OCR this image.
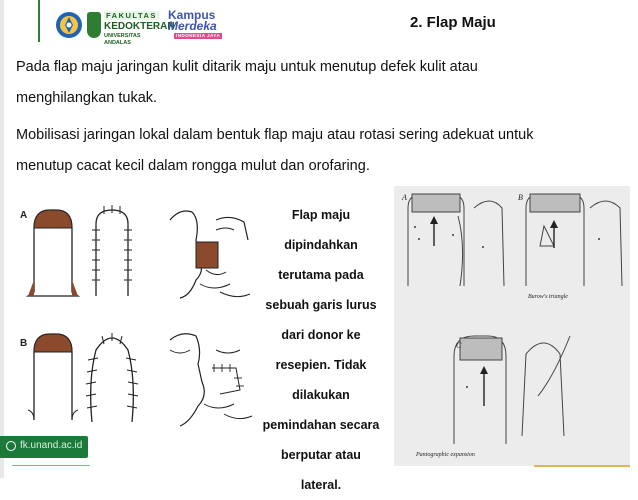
FAKULTAS
KEDOKTERAN
UNIVERSITAS ANDALAS
Kampus
Merdeka
INDONESIA JAYA
2. Flap Maju
Pada flap maju jaringan kulit ditarik maju untuk menutup defek kulit atau menghilangkan tukak.
Mobilisasi jaringan lokal dalam bentuk flap maju atau rotasi sering adekuat untuk menutup cacat kecil dalam rongga mulut dan orofaring.
A
B
Flap maju
dipindahkan
terutama pada
sebuah garis lurus
dari donor ke
resepien. Tidak
dilakukan
pemindahan secara
berputar atau
lateral.
A	B
C
Burow's triangle
Pantographic expansion
fk.unand.ac.id
